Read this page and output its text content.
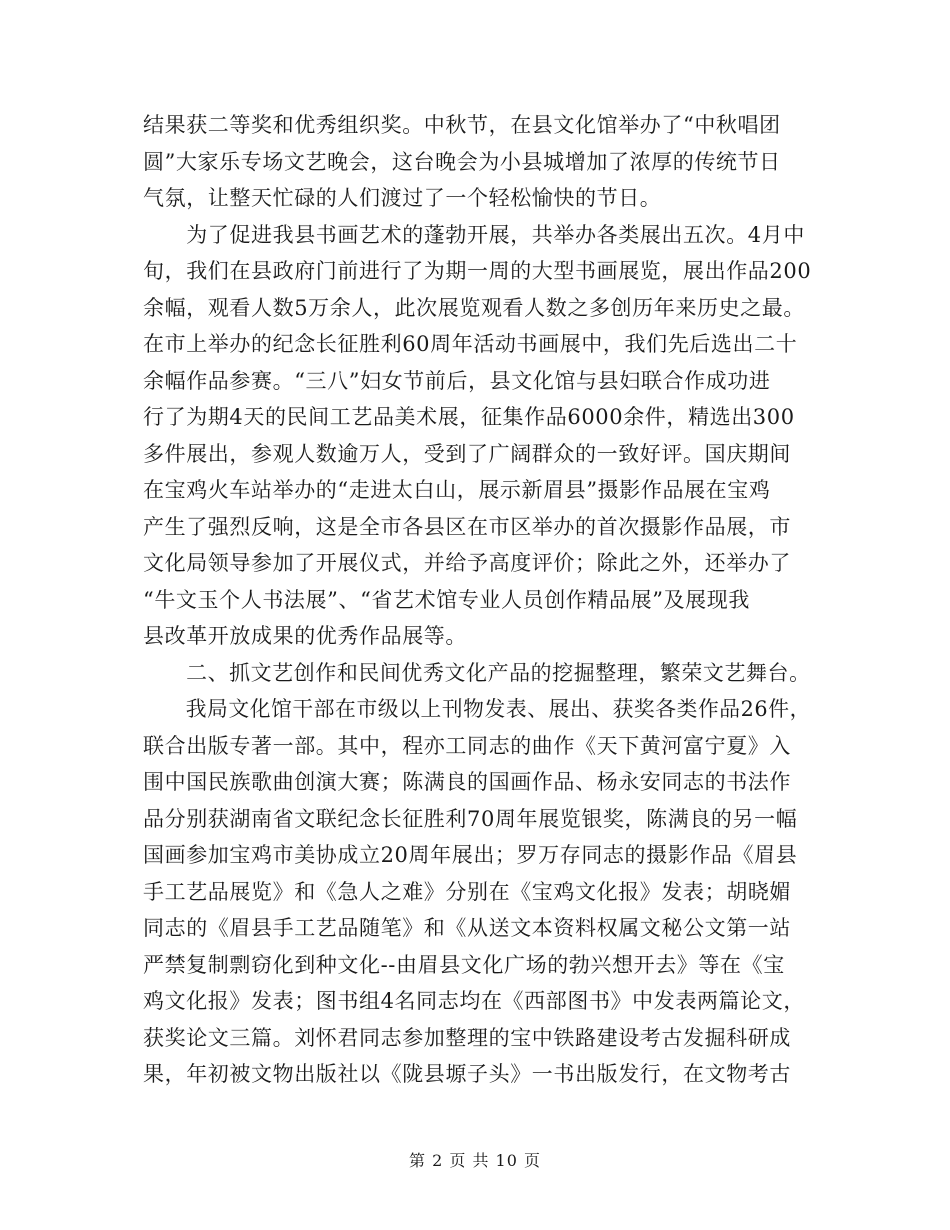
结果获二等奖和优秀组织奖。中秋节，在县文化馆举办了“中秋唱团
圆”大家乐专场文艺晚会，这台晚会为小县城增加了浓厚的传统节日
气氛，让整天忙碌的人们渡过了一个轻松愉快的节日。
　　为了促进我县书画艺术的蓬勃开展，共举办各类展出五次。4月中
旬，我们在县政府门前进行了为期一周的大型书画展览，展出作品200
余幅，观看人数5万余人，此次展览观看人数之多创历年来历史之最。
在市上举办的纪念长征胜利60周年活动书画展中，我们先后选出二十
余幅作品参赛。“三八”妇女节前后，县文化馆与县妇联合作成功进
行了为期4天的民间工艺品美术展，征集作品6000余件，精选出300
多件展出，参观人数逾万人，受到了广阔群众的一致好评。国庆期间
在宝鸡火车站举办的“走进太白山，展示新眉县”摄影作品展在宝鸡
产生了强烈反响，这是全市各县区在市区举办的首次摄影作品展，市
文化局领导参加了开展仪式，并给予高度评价；除此之外，还举办了
“牛文玉个人书法展”、“省艺术馆专业人员创作精品展”及展现我
县改革开放成果的优秀作品展等。
　　二、抓文艺创作和民间优秀文化产品的挖掘整理，繁荣文艺舞台。
　　我局文化馆干部在市级以上刊物发表、展出、获奖各类作品26件，
联合出版专著一部。其中，程亦工同志的曲作《天下黄河富宁夏》入
围中国民族歌曲创演大赛；陈满良的国画作品、杨永安同志的书法作
品分别获湖南省文联纪念长征胜利70周年展览银奖，陈满良的另一幅
国画参加宝鸡市美协成立20周年展出；罗万存同志的摄影作品《眉县
手工艺品展览》和《急人之难》分别在《宝鸡文化报》发表；胡晓媚
同志的《眉县手工艺品随笔》和《从送文本资料权属文秘公文第一站
严禁复制剽窃化到种文化--由眉县文化广场的勃兴想开去》等在《宝
鸡文化报》发表；图书组4名同志均在《西部图书》中发表两篇论文，
获奖论文三篇。刘怀君同志参加整理的宝中铁路建设考古发掘科研成
果，年初被文物出版社以《陇县塬子头》一书出版发行，在文物考古
第 2 页 共 10 页
